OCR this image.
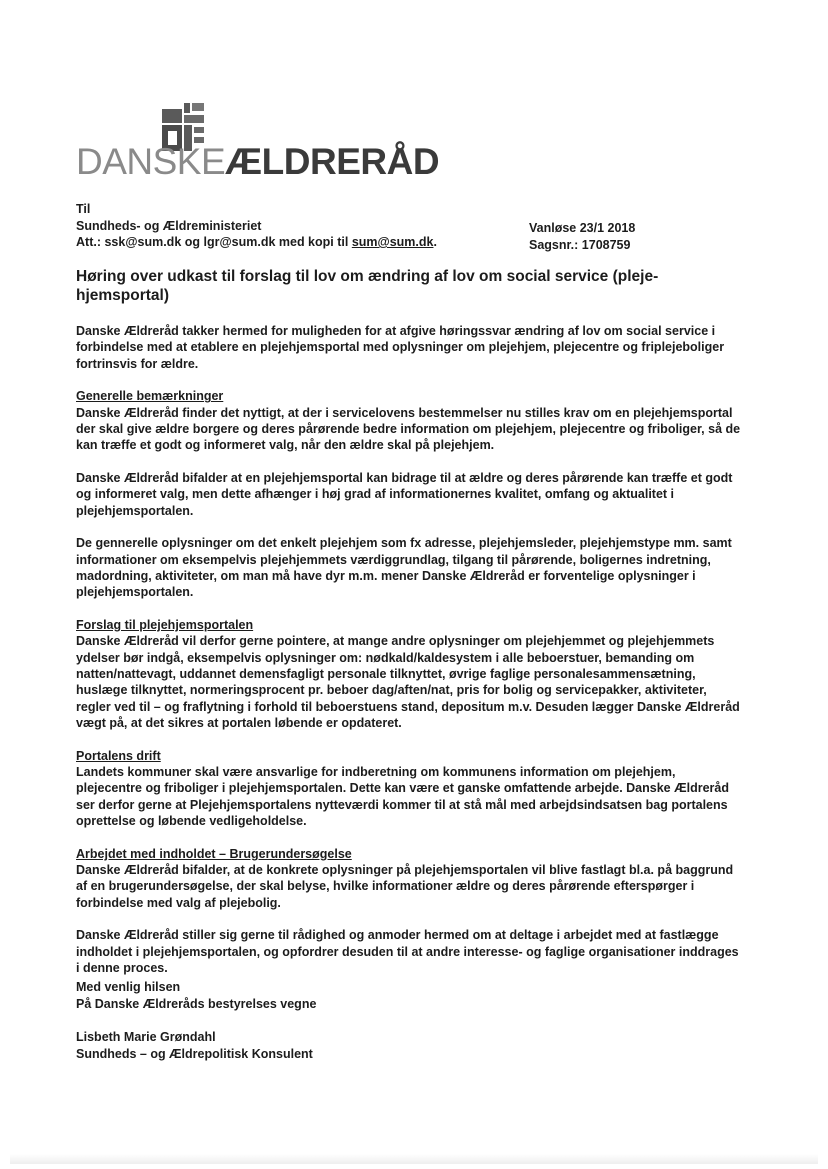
DANSKEÆLDRERÅD
Til
Sundheds- og Ældreministeriet
Att.: ssk@sum.dk og lgr@sum.dk med kopi til sum@sum.dk.
Vanløse 23/1 2018
Sagsnr.: 1708759
Høring over udkast til forslag til lov om ændring af lov om social service (pleje-hjemsportal)

Danske Ældreråd takker hermed for muligheden for at afgive høringssvar ændring af lov om social service i forbindelse med at etablere en plejehjemsportal med oplysninger om plejehjem, plejecentre og friplejeboliger fortrinsvis for ældre.

Generelle bemærkninger

Danske Ældreråd finder det nyttigt, at der i servicelovens bestemmelser nu stilles krav om en plejehjemsportal der skal give ældre borgere og deres pårørende bedre information om plejehjem, plejecentre og friboliger, så de kan træffe et godt og informeret valg, når den ældre skal på plejehjem.

Danske Ældreråd bifalder at en plejehjemsportal kan bidrage til at ældre og deres pårørende kan træffe et godt og informeret valg, men dette afhænger i høj grad af informationernes kvalitet, omfang og aktualitet i plejehjemsportalen.

De gennerelle oplysninger om det enkelt plejehjem som fx adresse, plejehjemsleder, plejehjemstype mm. samt informationer om eksempelvis plejehjemmets værdiggrundlag, tilgang til pårørende, boligernes indretning, madordning, aktiviteter, om man må have dyr m.m. mener Danske Ældreråd er forventelige oplysninger i plejehjemsportalen.

Forslag til plejehjemsportalen

Danske Ældreråd vil derfor gerne pointere, at mange andre oplysninger om plejehjemmet og plejehjemmets ydelser bør indgå, eksempelvis oplysninger om: nødkald/kaldesystem i alle beboerstuer, bemanding om natten/nattevagt, uddannet demensfagligt personale tilknyttet, øvrige faglige personalesammensætning, huslæge tilknyttet, normeringsprocent pr. beboer dag/aften/nat, pris for bolig og servicepakker, aktiviteter, regler ved til – og fraflytning i forhold til beboerstuens stand, depositum m.v. Desuden lægger Danske Ældreråd vægt på, at det sikres at portalen løbende er opdateret.

Portalens drift

Landets kommuner skal være ansvarlige for indberetning om kommunens information om plejehjem, plejecentre og friboliger i plejehjemsportalen. Dette kan være et ganske omfattende arbejde. Danske Ældreråd ser derfor gerne at Plejehjemsportalens nytteværdi kommer til at stå mål med arbejdsindsatsen bag portalens oprettelse og løbende vedligeholdelse.

Arbejdet med indholdet – Brugerundersøgelse

Danske Ældreråd bifalder, at de konkrete oplysninger på plejehjemsportalen vil blive fastlagt bl.a. på baggrund af en brugerundersøgelse, der skal belyse, hvilke informationer ældre og deres pårørende efterspørger i forbindelse med valg af plejebolig.

Danske Ældreråd stiller sig gerne til rådighed og anmoder hermed om at deltage i arbejdet med at fastlægge indholdet i plejehjemsportalen, og opfordrer desuden til at andre interesse- og faglige organisationer inddrages i denne proces.

Med venlig hilsen
På Danske Ældreråds bestyrelses vegne
Lisbeth Marie Grøndahl
Sundheds – og Ældrepolitisk Konsulent
